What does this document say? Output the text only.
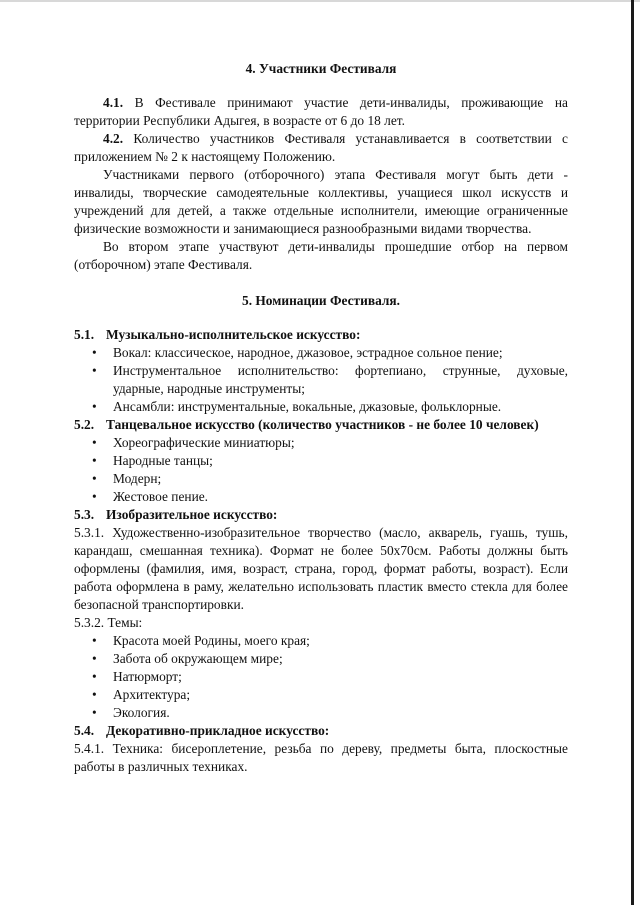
4. Участники Фестиваля

4.1. В Фестивале принимают участие дети-инвалиды, проживающие на территории Республики Адыгея, в возрасте от 6 до 18 лет.

4.2. Количество участников Фестиваля устанавливается в соответствии с приложением № 2 к настоящему Положению.

Участниками первого (отборочного) этапа Фестиваля могут быть дети - инвалиды, творческие самодеятельные коллективы, учащиеся школ искусств и учреждений для детей, а также отдельные исполнители, имеющие ограниченные физические возможности и занимающиеся разнообразными видами творчества.

Во втором этапе участвуют дети-инвалиды прошедшие отбор на первом (отборочном) этапе Фестиваля.

5. Номинации Фестиваля.

5.1. Музыкально-исполнительское искусство:

• Вокал: классическое, народное, джазовое, эстрадное сольное пение;
• Инструментальное исполнительство: фортепиано, струнные, духовые, ударные, народные инструменты;
• Ансамбли: инструментальные, вокальные, джазовые, фольклорные.

5.2. Танцевальное искусство (количество участников - не более 10 человек)

• Хореографические миниатюры;
• Народные танцы;
• Модерн;
• Жестовое пение.

5.3. Изобразительное искусство:

5.3.1. Художественно-изобразительное творчество (масло, акварель, гуашь, тушь, карандаш, смешанная техника). Формат не более 50х70см. Работы должны быть оформлены (фамилия, имя, возраст, страна, город, формат работы, возраст). Если работа оформлена в раму, желательно использовать пластик вместо стекла для более безопасной транспортировки.

5.3.2. Темы:

• Красота моей Родины, моего края;
• Забота об окружающем мире;
• Натюрморт;
• Архитектура;
• Экология.

5.4. Декоративно-прикладное искусство:

5.4.1. Техника: бисероплетение, резьба по дереву, предметы быта, плоскостные работы в различных техниках.
